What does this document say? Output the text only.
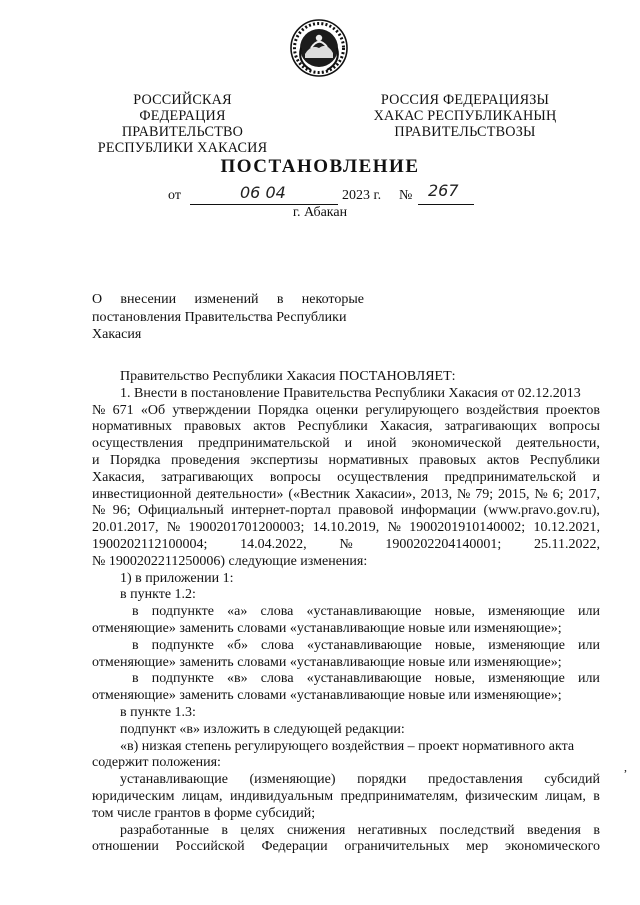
РОССИЙСКАЯ ФЕДЕРАЦИЯ
ПРАВИТЕЛЬСТВО
РЕСПУБЛИКИ ХАКАСИЯ
РОССИЯ ФЕДЕРАЦИЯЗЫ
ХАКАС РЕСПУБЛИКАНЫҢ
ПРАВИТЕЛЬСТВОЗЫ
ПОСТАНОВЛЕНИЕ
от	06 04	2023 г. № 267
г. Абакан
О внесении изменений в некоторые
постановления Правительства Республики
Хакасия

Правительство Республики Хакасия ПОСТАНОВЛЯЕТ:

1. Внести в постановление Правительства Республики Хакасия от 02.12.2013

№ 671 «Об утверждении Порядка оценки регулирующего воздействия проектов

нормативных правовых актов Республики Хакасия, затрагивающих вопросы

осуществления предпринимательской и иной экономической деятельности,

и Порядка проведения экспертизы нормативных правовых актов Республики

Хакасия, затрагивающих вопросы осуществления предпринимательской и

инвестиционной деятельности» («Вестник Хакасии», 2013, № 79; 2015, № 6; 2017,

№ 96; Официальный интернет-портал правовой информации (www.pravo.gov.ru),

20.01.2017, № 1900201701200003; 14.10.2019, № 1900201910140002; 10.12.2021,

1900202112100004; 14.04.2022, № 1900202204140001; 25.11.2022,

№ 1900202211250006) следующие изменения:

1) в приложении 1:

в пункте 1.2:

в подпункте «а» слова «устанавливающие новые, изменяющие или

отменяющие» заменить словами «устанавливающие новые или изменяющие»;

в подпункте «б» слова «устанавливающие новые, изменяющие или

отменяющие» заменить словами «устанавливающие новые или изменяющие»;

в подпункте «в» слова «устанавливающие новые, изменяющие или

отменяющие» заменить словами «устанавливающие новые или изменяющие»;

в пункте 1.3:

подпункт «в» изложить в следующей редакции:

«в) низкая степень регулирующего воздействия – проект нормативного акта

содержит положения:

устанавливающие (изменяющие) порядки предоставления субсидий

юридическим лицам, индивидуальным предпринимателям, физическим лицам, в

том числе грантов в форме субсидий;

разработанные в целях снижения негативных последствий введения в

отношении Российской Федерации ограничительных мер экономического

,
